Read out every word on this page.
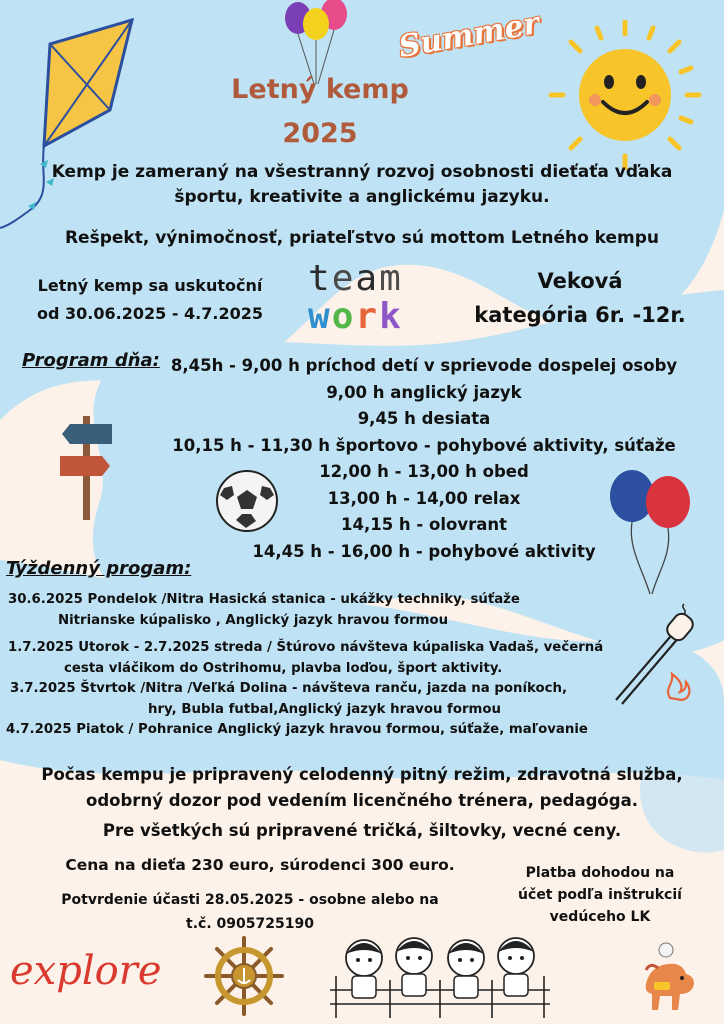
Summer
Letný kemp
2025
Kemp je zameraný na všestranný rozvoj osobnosti dieťaťa vďaka
športu, kreativite a anglickému jazyku.
Rešpekt, výnimočnosť, priateľstvo sú mottom Letného kempu
Letný kemp sa uskutoční
od 30.06.2025 - 4.7.2025
team
work
Veková
kategória 6r. -12r.
Program dňa: 8,45h - 9,00 h príchod detí v sprievode dospelej osoby
9,00 h anglický jazyk
9,45 h desiata
10,15 h - 11,30 h športovo - pohybové aktivity, súťaže
12,00 h - 13,00 h obed
13,00 h - 14,00 relax
14,15 h - olovrant
14,45 h - 16,00 h - pohybové aktivity
Týždenný progam:
30.6.2025 Pondelok /Nitra Hasická stanica - ukážky techniky, súťaže
Nitrianske kúpalisko , Anglický jazyk hravou formou
1.7.2025 Utorok - 2.7.2025 streda / Štúrovo návšteva kúpaliska Vadaš, večerná
cesta vláčikom do Ostrihomu, plavba loďou, šport aktivity.
3.7.2025 Štvrtok /Nitra /Veľká Dolina - návšteva ranču, jazda na poníkoch,
hry, Bubla futbal,Anglický jazyk hravou formou
4.7.2025 Piatok / Pohranice Anglický jazyk hravou formou, súťaže, maľovanie
Počas kempu je pripravený celodenný pitný režim, zdravotná služba,
odobrný dozor pod vedením licenčného trénera, pedagóga.
Pre všetkých sú pripravené tričká, šiltovky, vecné ceny.
Cena na dieťa 230 euro, súrodenci 300 euro.
Potvrdenie účasti 28.05.2025 - osobne alebo na
t.č. 0905725190
Platba dohodou na
účet podľa inštrukcií
vedúceho LK
explore
